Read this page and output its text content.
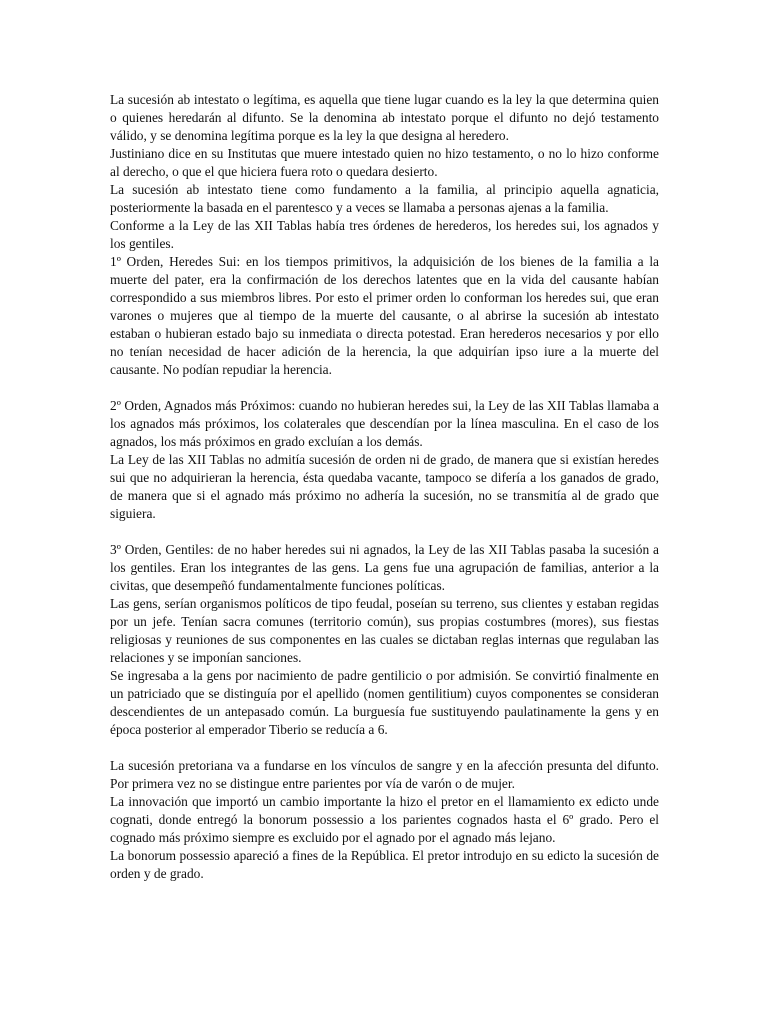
La sucesión ab intestato o legítima, es aquella que tiene lugar cuando es la ley la que determina quien o quienes heredarán al difunto. Se la denomina ab intestato porque el difunto no dejó testamento válido, y se denomina legítima porque es la ley la que designa al heredero.

Justiniano dice en su Institutas que muere intestado quien no hizo testamento, o no lo hizo conforme al derecho, o que el que hiciera fuera roto o quedara desierto.

La sucesión ab intestato tiene como fundamento a la familia, al principio aquella agnaticia, posteriormente la basada en el parentesco y a veces se llamaba a personas ajenas a la familia.

Conforme a la Ley de las XII Tablas había tres órdenes de herederos, los heredes sui, los agnados y los gentiles.

1º Orden, Heredes Sui: en los tiempos primitivos, la adquisición de los bienes de la familia a la muerte del pater, era la confirmación de los derechos latentes que en la vida del causante habían correspondido a sus miembros libres. Por esto el primer orden lo conforman los heredes sui, que eran varones o mujeres que al tiempo de la muerte del causante, o al abrirse la sucesión ab intestato estaban o hubieran estado bajo su inmediata o directa potestad. Eran herederos necesarios y por ello no tenían necesidad de hacer adición de la herencia, la que adquirían ipso iure a la muerte del causante. No podían repudiar la herencia.

2º Orden, Agnados más Próximos: cuando no hubieran heredes sui, la Ley de las XII Tablas llamaba a los agnados más próximos, los colaterales que descendían por la línea masculina. En el caso de los agnados, los más próximos en grado excluían a los demás.

La Ley de las XII Tablas no admitía sucesión de orden ni de grado, de manera que si existían heredes sui que no adquirieran la herencia, ésta quedaba vacante, tampoco se difería a los ganados de grado, de manera que si el agnado más próximo no adhería la sucesión, no se transmitía al de grado que siguiera.

3º Orden, Gentiles: de no haber heredes sui ni agnados, la Ley de las XII Tablas pasaba la sucesión a los gentiles. Eran los integrantes de las gens. La gens fue una agrupación de familias, anterior a la civitas, que desempeñó fundamentalmente funciones políticas.

Las gens, serían organismos políticos de tipo feudal, poseían su terreno, sus clientes y estaban regidas por un jefe. Tenían sacra comunes (territorio común), sus propias costumbres (mores), sus fiestas religiosas y reuniones de sus componentes en las cuales se dictaban reglas internas que regulaban las relaciones y se imponían sanciones.

Se ingresaba a la gens por nacimiento de padre gentilicio o por admisión. Se convirtió finalmente en un patriciado que se distinguía por el apellido (nomen gentilitium) cuyos componentes se consideran descendientes de un antepasado común. La burguesía fue sustituyendo paulatinamente la gens y en época posterior al emperador Tiberio se reducía a 6.

La sucesión pretoriana va a fundarse en los vínculos de sangre y en la afección presunta del difunto. Por primera vez no se distingue entre parientes por vía de varón o de mujer.

La innovación que importó un cambio importante la hizo el pretor en el llamamiento ex edicto unde cognati, donde entregó la bonorum possessio a los parientes cognados hasta el 6º grado. Pero el cognado más próximo siempre es excluido por el agnado por el agnado más lejano.

La bonorum possessio apareció a fines de la República. El pretor introdujo en su edicto la sucesión de orden y de grado.
